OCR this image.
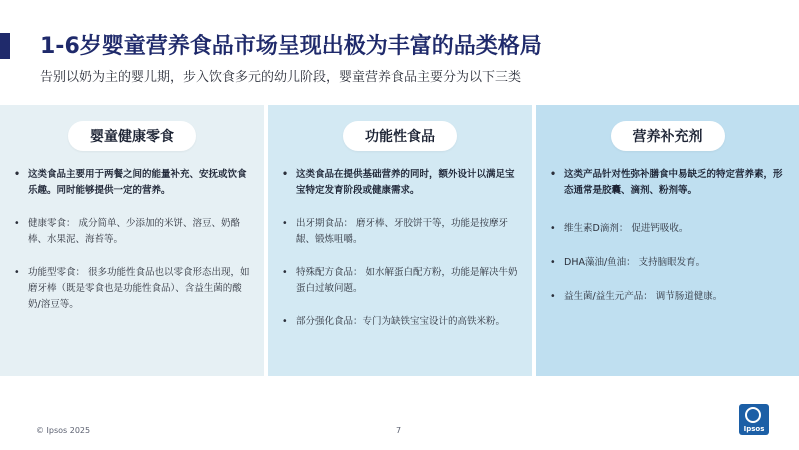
1-6岁婴童营养食品市场呈现出极为丰富的品类格局
告别以奶为主的婴儿期，步入饮食多元的幼儿阶段，婴童营养食品主要分为以下三类
婴童健康零食
• 这类食品主要用于两餐之间的能量补充、安抚或饮食乐趣。同时能够提供一定的营养。
• 健康零食： 成分简单、少添加的米饼、溶豆、奶酪棒、水果泥、海苔等。
• 功能型零食： 很多功能性食品也以零食形态出现，如磨牙棒（既是零食也是功能性食品）、含益生菌的酸奶/溶豆等。
功能性食品
• 这类食品在提供基础营养的同时，额外设计以满足宝宝特定发育阶段或健康需求。
• 出牙期食品： 磨牙棒、牙胶饼干等，功能是按摩牙龈、锻炼咀嚼。
• 特殊配方食品： 如水解蛋白配方粉，功能是解决牛奶蛋白过敏问题。
• 部分强化食品：专门为缺铁宝宝设计的高铁米粉。
营养补充剂
• 这类产品针对性弥补膳食中易缺乏的特定营养素，形态通常是胶囊、滴剂、粉剂等。
• 维生素D滴剂： 促进钙吸收。
• DHA藻油/鱼油： 支持脑眼发育。
• 益生菌/益生元产品： 调节肠道健康。
© Ipsos 2025	7	Ipsos
